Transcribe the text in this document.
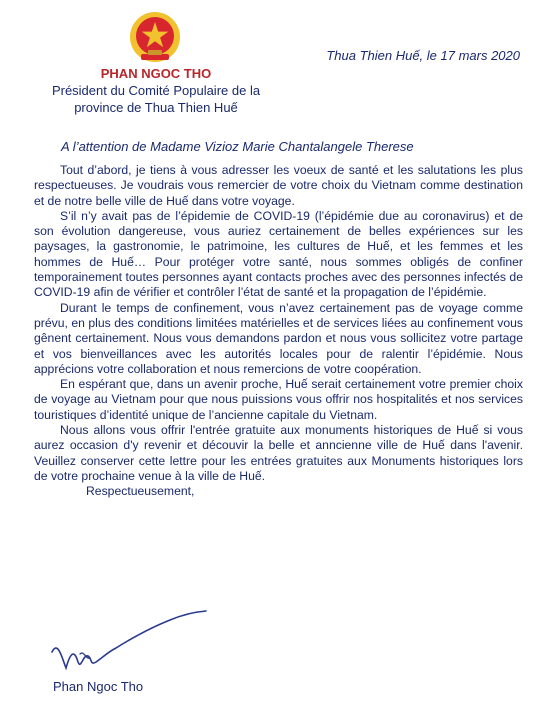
PHAN NGOC THO
Président du Comité Populaire de la
province de Thua Thien Huế
Thua Thien Huế, le 17 mars 2020
A l’attention de Madame Vizioz Marie Chantalangele Therese

Tout d’abord, je tiens à vous adresser les voeux de santé et les salutations les plus respectueuses. Je voudrais vous remercier de votre choix du Vietnam comme destination et de notre belle ville de Huế dans votre voyage.

S’il n’y avait pas de l’épidemie de COVID-19 (l’épidémie due au coronavirus) et de son évolution dangereuse, vous auriez certainement de belles expériences sur les paysages, la gastronomie, le patrimoine, les cultures de Huế, et les femmes et les hommes de Huế… Pour protéger votre santé, nous sommes obligés de confiner temporainement toutes personnes ayant contacts proches avec des personnes infectés de COVID-19 afin de vérifier et contrôler l’état de santé et la propagation de l’épidémie.

Durant le temps de confinement, vous n’avez certainement pas de voyage comme prévu, en plus des conditions limitées matérielles et de services liées au confinement vous gênent certainement. Nous vous demandons pardon et nous vous sollicitez votre partage et vos bienveillances avec les autorités locales pour de ralentir l’épidémie. Nous apprécions votre collaboration et nous remercions de votre coopération.

En espérant que, dans un avenir proche, Huế serait certainement votre premier choix de voyage au Vietnam pour que nous puissions vous offrir nos hospitalités et nos services touristiques d’identité unique de l’ancienne capitale du Vietnam.

Nous allons vous offrir l'entrée gratuite aux monuments historiques de Huế si vous aurez occasion d'y revenir et découvir la belle et anncienne ville de Huế dans l'avenir. Veuillez conserver cette lettre pour les entrées gratuites aux Monuments historiques lors de votre prochaine venue à la ville de Huế.

Respectueusement,

Phan Ngoc Tho
